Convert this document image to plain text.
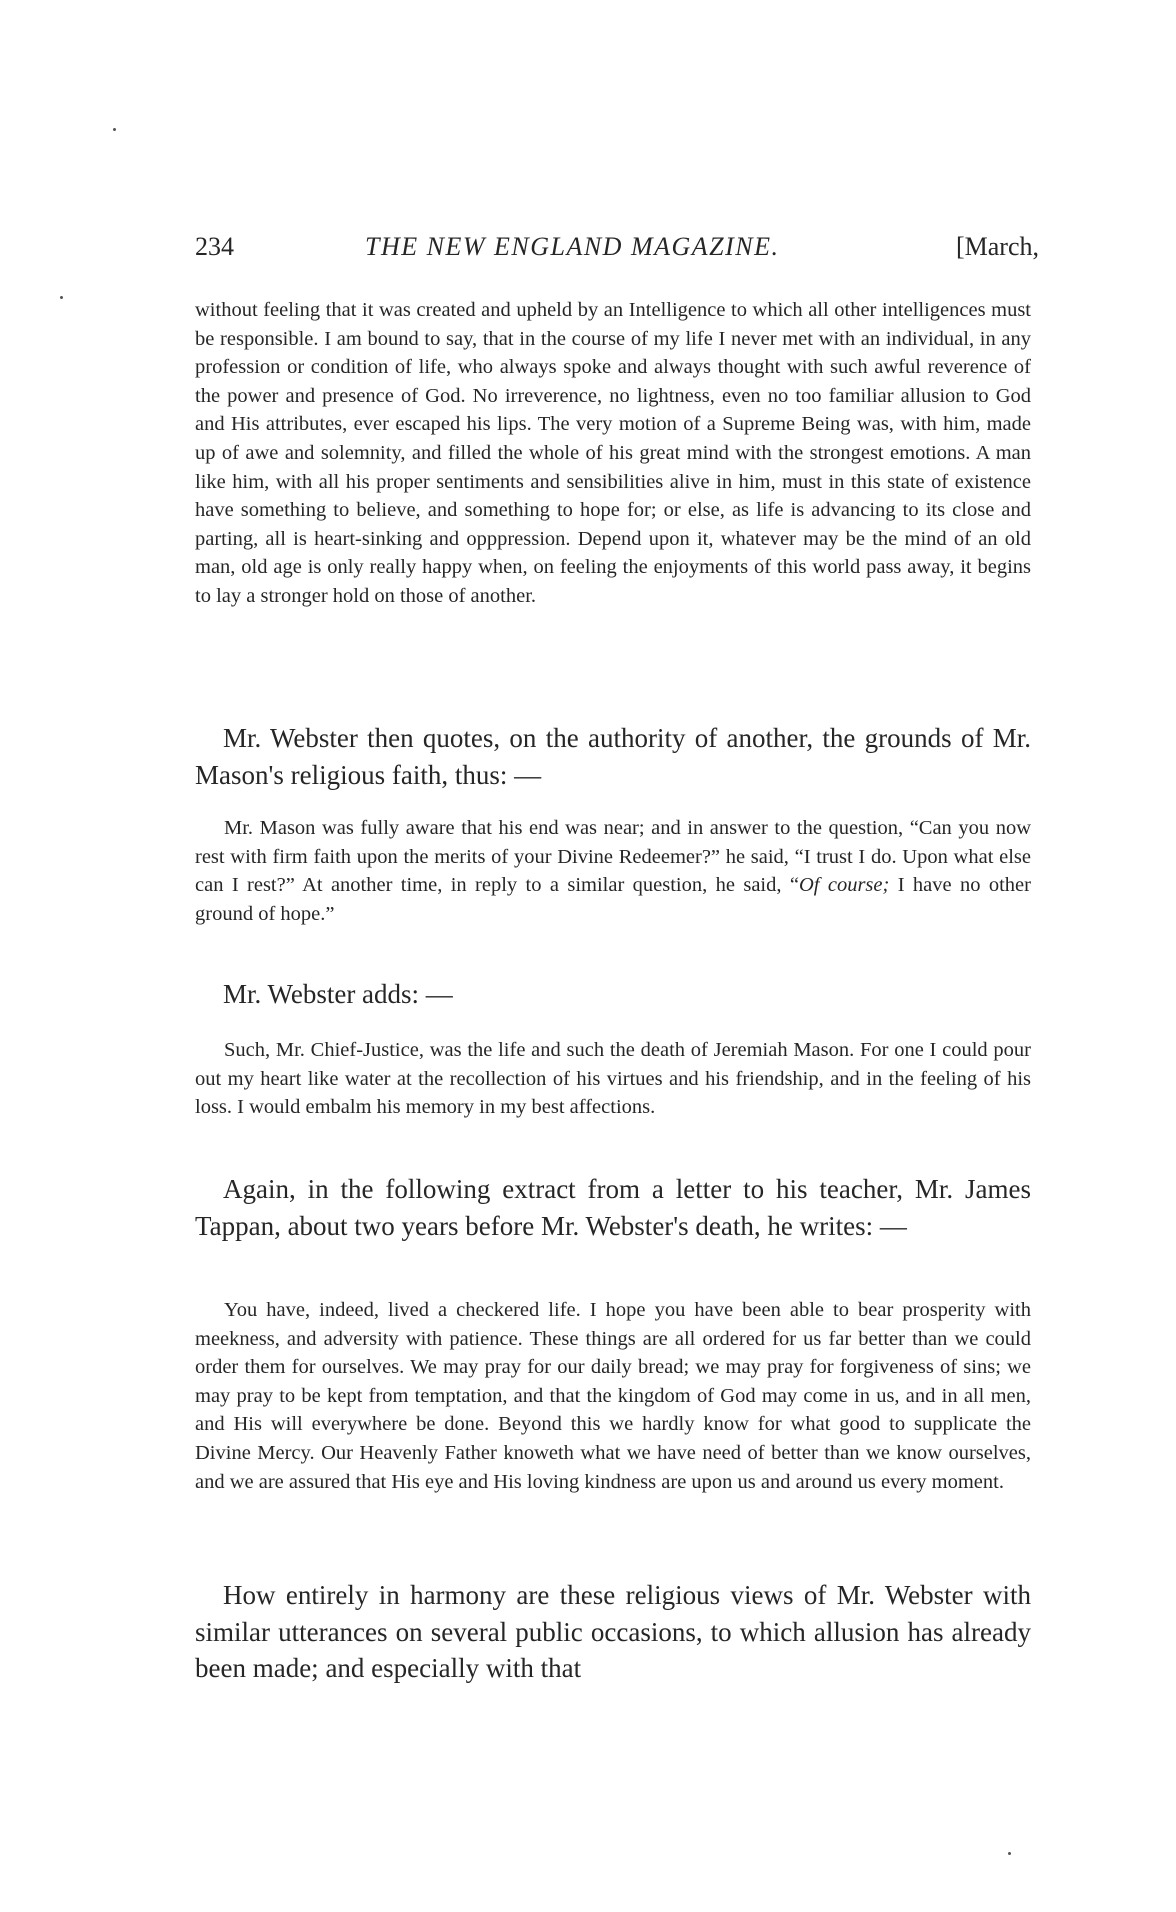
234	THE NEW ENGLAND MAGAZINE.	[March,

without feeling that it was created and upheld by an Intelligence to which all other intelligences must be responsible. I am bound to say, that in the course of my life I never met with an individual, in any profession or condition of life, who always spoke and always thought with such awful reverence of the power and presence of God. No irreverence, no lightness, even no too familiar allusion to God and His attributes, ever escaped his lips. The very motion of a Supreme Being was, with him, made up of awe and solemnity, and filled the whole of his great mind with the strongest emotions. A man like him, with all his proper sentiments and sensibilities alive in him, must in this state of existence have something to believe, and something to hope for; or else, as life is advancing to its close and parting, all is heart-sinking and opppression. Depend upon it, whatever may be the mind of an old man, old age is only really happy when, on feeling the enjoyments of this world pass away, it begins to lay a stronger hold on those of another.

Mr. Webster then quotes, on the authority of another, the grounds of Mr. Mason's religious faith, thus: —

Mr. Mason was fully aware that his end was near; and in answer to the question, “Can you now rest with firm faith upon the merits of your Divine Redeemer?” he said, “I trust I do. Upon what else can I rest?” At another time, in reply to a similar question, he said, “Of course; I have no other ground of hope.”

Mr. Webster adds: —

Such, Mr. Chief-Justice, was the life and such the death of Jeremiah Mason. For one I could pour out my heart like water at the recollection of his virtues and his friendship, and in the feeling of his loss. I would embalm his memory in my best affections.

Again, in the following extract from a letter to his teacher, Mr. James Tappan, about two years before Mr. Webster's death, he writes: —

You have, indeed, lived a checkered life. I hope you have been able to bear prosperity with meekness, and adversity with patience. These things are all ordered for us far better than we could order them for ourselves. We may pray for our daily bread; we may pray for forgiveness of sins; we may pray to be kept from temptation, and that the kingdom of God may come in us, and in all men, and His will everywhere be done. Beyond this we hardly know for what good to supplicate the Divine Mercy. Our Heavenly Father knoweth what we have need of better than we know ourselves, and we are assured that His eye and His loving kindness are upon us and around us every moment.

How entirely in harmony are these religious views of Mr. Webster with similar utterances on several public occasions, to which allusion has already been made; and especially with that
